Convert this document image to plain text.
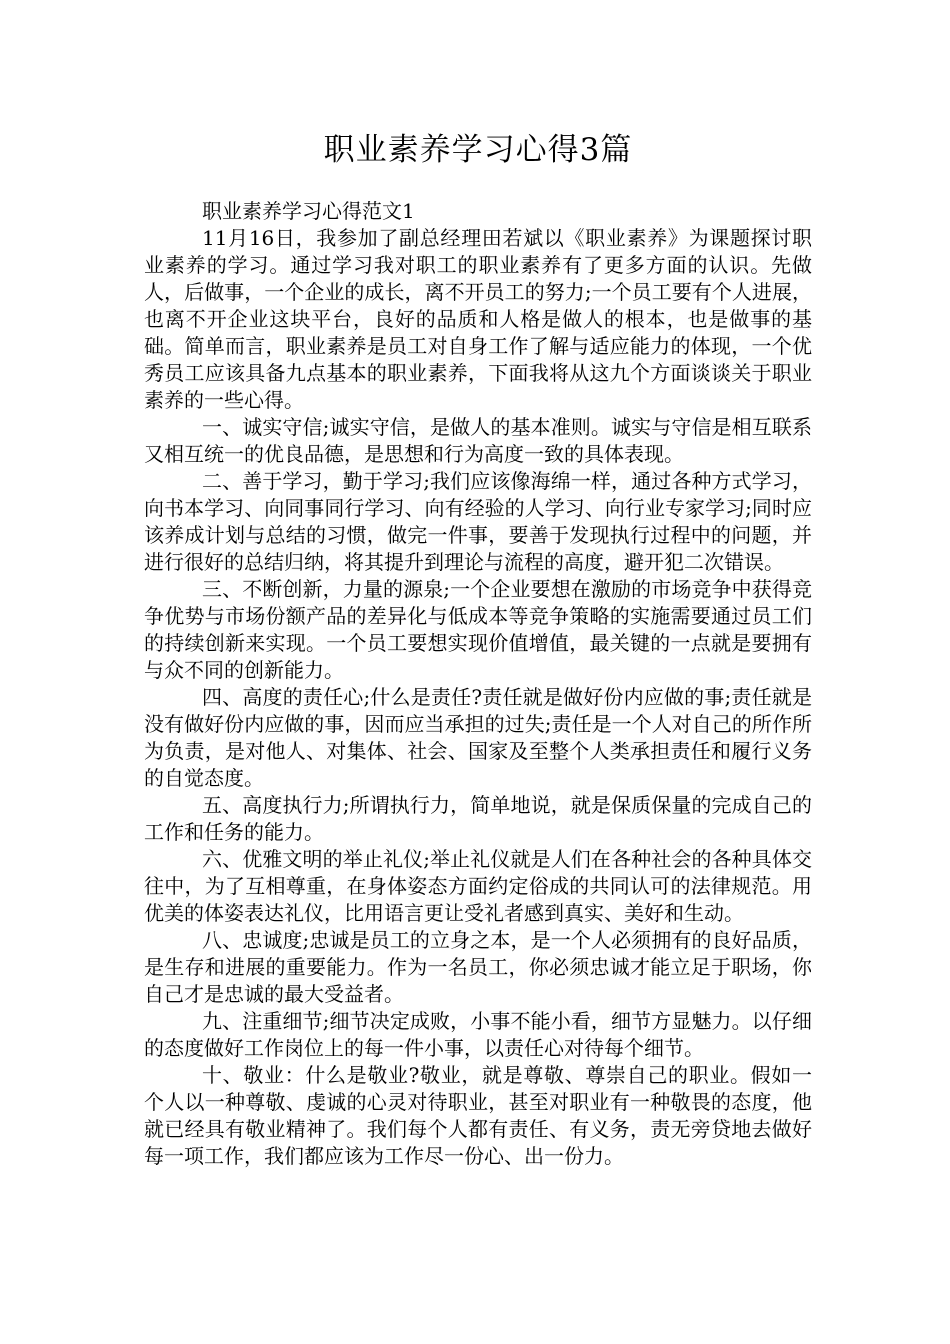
职业素养学习心得3篇

职业素养学习心得范文1

11月16日，我参加了副总经理田若斌以《职业素养》为课题探讨职业素养的学习。通过学习我对职工的职业素养有了更多方面的认识。先做人，后做事，一个企业的成长，离不开员工的努力;一个员工要有个人进展，也离不开企业这块平台，良好的品质和人格是做人的根本，也是做事的基础。简单而言，职业素养是员工对自身工作了解与适应能力的体现，一个优秀员工应该具备九点基本的职业素养，下面我将从这九个方面谈谈关于职业素养的一些心得。

一、诚实守信;诚实守信，是做人的基本准则。诚实与守信是相互联系又相互统一的优良品德，是思想和行为高度一致的具体表现。

二、善于学习，勤于学习;我们应该像海绵一样，通过各种方式学习，向书本学习、向同事同行学习、向有经验的人学习、向行业专家学习;同时应该养成计划与总结的习惯，做完一件事，要善于发现执行过程中的问题，并进行很好的总结归纳，将其提升到理论与流程的高度，避开犯二次错误。

三、不断创新，力量的源泉;一个企业要想在激励的市场竞争中获得竞争优势与市场份额产品的差异化与低成本等竞争策略的实施需要通过员工们的持续创新来实现。一个员工要想实现价值增值，最关键的一点就是要拥有与众不同的创新能力。

四、高度的责任心;什么是责任?责任就是做好份内应做的事;责任就是没有做好份内应做的事，因而应当承担的过失;责任是一个人对自己的所作所为负责，是对他人、对集体、社会、国家及至整个人类承担责任和履行义务的自觉态度。

五、高度执行力;所谓执行力，简单地说，就是保质保量的完成自己的工作和任务的能力。

六、优雅文明的举止礼仪;举止礼仪就是人们在各种社会的各种具体交往中，为了互相尊重，在身体姿态方面约定俗成的共同认可的法律规范。用优美的体姿表达礼仪，比用语言更让受礼者感到真实、美好和生动。

八、忠诚度;忠诚是员工的立身之本，是一个人必须拥有的良好品质，是生存和进展的重要能力。作为一名员工，你必须忠诚才能立足于职场，你自己才是忠诚的最大受益者。

九、注重细节;细节决定成败，小事不能小看，细节方显魅力。以仔细的态度做好工作岗位上的每一件小事，以责任心对待每个细节。

十、敬业：什么是敬业?敬业，就是尊敬、尊崇自己的职业。假如一个人以一种尊敬、虔诚的心灵对待职业，甚至对职业有一种敬畏的态度，他就已经具有敬业精神了。我们每个人都有责任、有义务，责无旁贷地去做好每一项工作，我们都应该为工作尽一份心、出一份力。
